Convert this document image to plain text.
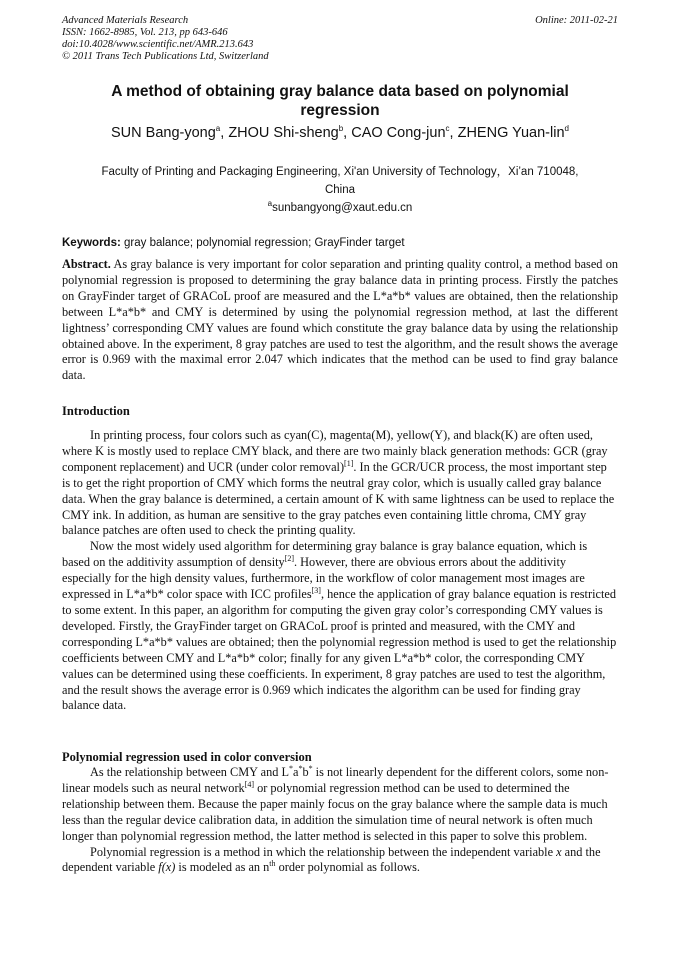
Advanced Materials Research
ISSN: 1662-8985, Vol. 213, pp 643-646
doi:10.4028/www.scientific.net/AMR.213.643
© 2011 Trans Tech Publications Ltd, Switzerland
Online: 2011-02-21
A method of obtaining gray balance data based on polynomial
regression
SUN Bang-yong$^a$, ZHOU Shi-sheng$^b$, CAO Cong-jun$^c$, ZHENG Yuan-lin$^d$
Faculty of Printing and Packaging Engineering, Xi'an University of Technology，Xi’an 710048,
China
$^a$sunbangyong@xaut.edu.cn
Keywords: gray balance; polynomial regression; GrayFinder target
Abstract. As gray balance is very important for color separation and printing quality control, a method based on polynomial regression is proposed to determining the gray balance data in printing process. Firstly the patches on GrayFinder target of GRACoL proof are measured and the L*a*b* values are obtained, then the relationship between L*a*b* and CMY is determined by using the polynomial regression method, at last the different lightness’ corresponding CMY values are found which constitute the gray balance data by using the relationship obtained above. In the experiment, 8 gray patches are used to test the algorithm, and the result shows the average error is 0.969 with the maximal error 2.047 which indicates that the method can be used to find gray balance data.
Introduction

In printing process, four colors such as cyan(C), magenta(M), yellow(Y), and black(K) are often used, where K is mostly used to replace CMY black, and there are two mainly black generation methods: GCR (gray component replacement) and UCR (under color removal)[1]. In the GCR/UCR process, the most important step is to get the right proportion of CMY which forms the neutral gray color, which is usually called gray balance data. When the gray balance is determined, a certain amount of K with same lightness can be used to replace the CMY ink. In addition, as human are sensitive to the gray patches even containing little chroma, CMY gray balance patches are often used to check the printing quality.

Now the most widely used algorithm for determining gray balance is gray balance equation, which is based on the additivity assumption of density[2]. However, there are obvious errors about the additivity especially for the high density values, furthermore, in the workflow of color management most images are expressed in L*a*b* color space with ICC profiles[3], hence the application of gray balance equation is restricted to some extent. In this paper, an algorithm for computing the given gray color’s corresponding CMY values is developed. Firstly, the GrayFinder target on GRACoL proof is printed and measured, with the CMY and corresponding L*a*b* values are obtained; then the polynomial regression method is used to get the relationship coefficients between CMY and L*a*b* color; finally for any given L*a*b* color, the corresponding CMY values can be determined using these coefficients. In experiment, 8 gray patches are used to test the algorithm, and the result shows the average error is 0.969 which indicates the algorithm can be used for finding gray balance data.

Polynomial regression used in color conversion

As the relationship between CMY and L*a*b* is not linearly dependent for the different colors, some non-linear models such as neural network[4] or polynomial regression method can be used to determined the relationship between them. Because the paper mainly focus on the gray balance where the sample data is much less than the regular device calibration data, in addition the simulation time of neural network is often much longer than polynomial regression method, the latter method is selected in this paper to solve this problem.

Polynomial regression is a method in which the relationship between the independent variable x and the dependent variable f(x) is modeled as an $n^{th}$ order polynomial as follows.
